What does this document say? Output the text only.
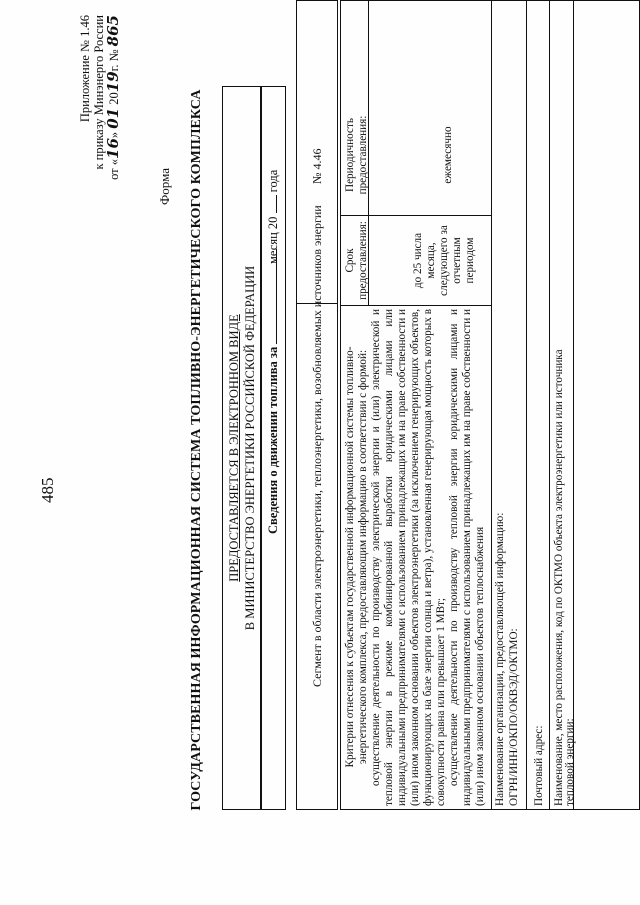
485
Приложение № 1.46 к приказу Минэнерго России от «16» 01 2019г. № 865
Форма ГОСУДАРСТВЕННАЯ ИНФОРМАЦИОННАЯ СИСТЕМА ТОПЛИВНО-ЭНЕРГЕТИЧЕСКОГО КОМПЛЕКСА ПРЕДОСТАВЛЯЕТСЯ В ЭЛЕКТРОННОМ ВИДЕ В МИНИСТЕРСТВО ЭНЕРГЕТИКИ РОССИЙСКОЙ ФЕДЕРАЦИИ Сведения о движении топлива за
месяц 20  года
Сегмент в области электроэнергетики, теплоэнергетики, возобновляемых источников энергии
№ 4.46
Критерии отнесения к субъектам государственной информационной системы топливно-энергетического комплекса, предоставляющим информацию в соответствии с формой: осуществление деятельности по производству электрической энергии и (или) электрической и тепловой энергии в режиме комбинированной выработки юридическими лицами или индивидуальными предпринимателями с использованием принадлежащих им на праве собственности и (или) ином законном основании объектов электроэнергетики (за исключением генерирующих объектов, функционирующих на базе энергии солнца и ветра), установленная генерирующая мощность которых в совокупности равна или превышает 1 МВт; осуществление деятельности по производству тепловой энергии юридическими лицами и индивидуальными предпринимателями с использованием принадлежащих им на праве собственности и (или) ином законном основании объектов теплоснабжения

Срок предоставления:	до 25 числа месяца, следующего за отчетным периодом
Периодичность предоставления:	ежемесячно
Наименование организации, предоставляющей информацию: ОГРН/ИНН/ОКПО/ОКВЭД/ОКТМО: Почтовый адрес: Наименование, место расположения, код по ОКТМО объекта электроэнергетики или источника тепловой энергии:
